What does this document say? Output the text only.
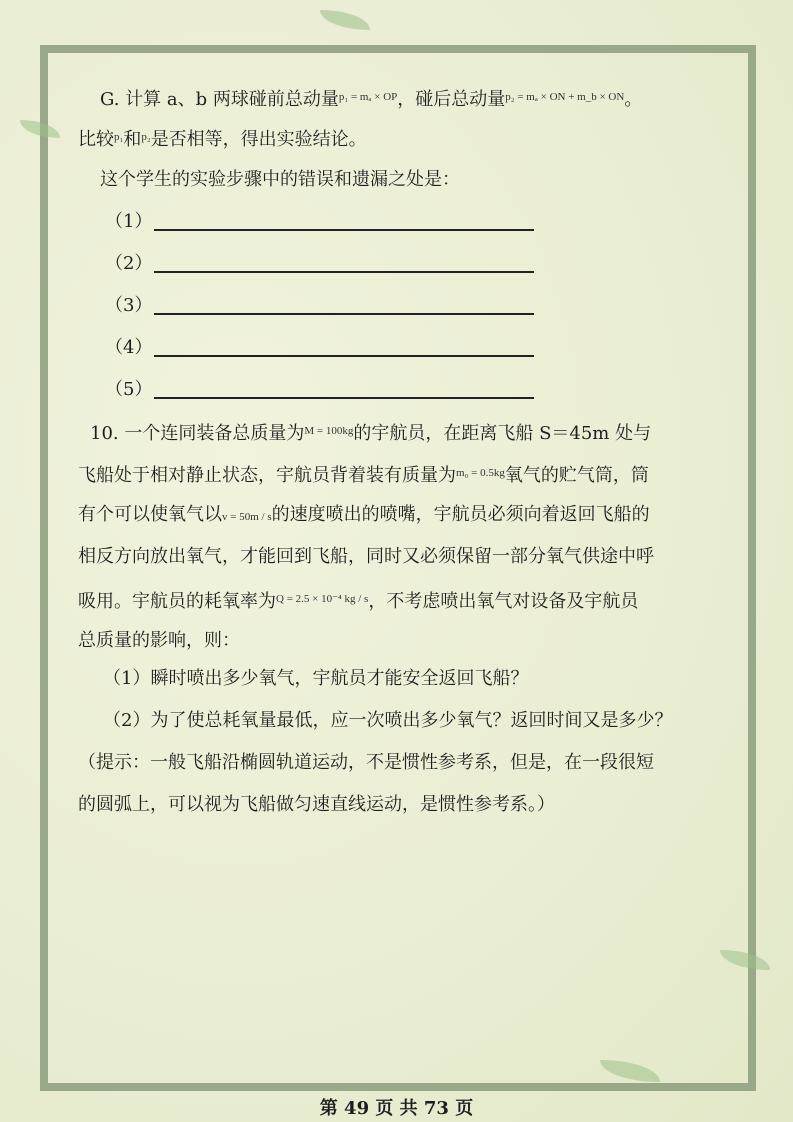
G. 计算 a、b 两球碰前总动量$^{p_1 = m_a \times OP}$，碰后总动量$^{p_2 = m_a \times ON + m\_b \times ON}$。
比较$^{p_1}$和$^{p_2}$是否相等，得出实验结论。
这个学生的实验步骤中的错误和遗漏之处是：
（1）
（2）
（3）
（4）
（5）
10. 一个连同装备总质量为$^{M = 100kg}$的宇航员，在距离飞船 S＝45m 处与
飞船处于相对静止状态，宇航员背着装有质量为$^{m_0 = 0.5kg}$氧气的贮气筒，筒
有个可以使氧气以v = 50m / s的速度喷出的喷嘴，宇航员必须向着返回飞船的
相反方向放出氧气，才能回到飞船，同时又必须保留一部分氧气供途中呼
吸用。宇航员的耗氧率为$^{Q = 2.5 \times 10^{-4} kg / s}$，不考虑喷出氧气对设备及宇航员
总质量的影响，则：
（1）瞬时喷出多少氧气，宇航员才能安全返回飞船？
（2）为了使总耗氧量最低，应一次喷出多少氧气？返回时间又是多少？
（提示：一般飞船沿椭圆轨道运动，不是惯性参考系，但是，在一段很短
的圆弧上，可以视为飞船做匀速直线运动，是惯性参考系。）
第 49 页 共 73 页
